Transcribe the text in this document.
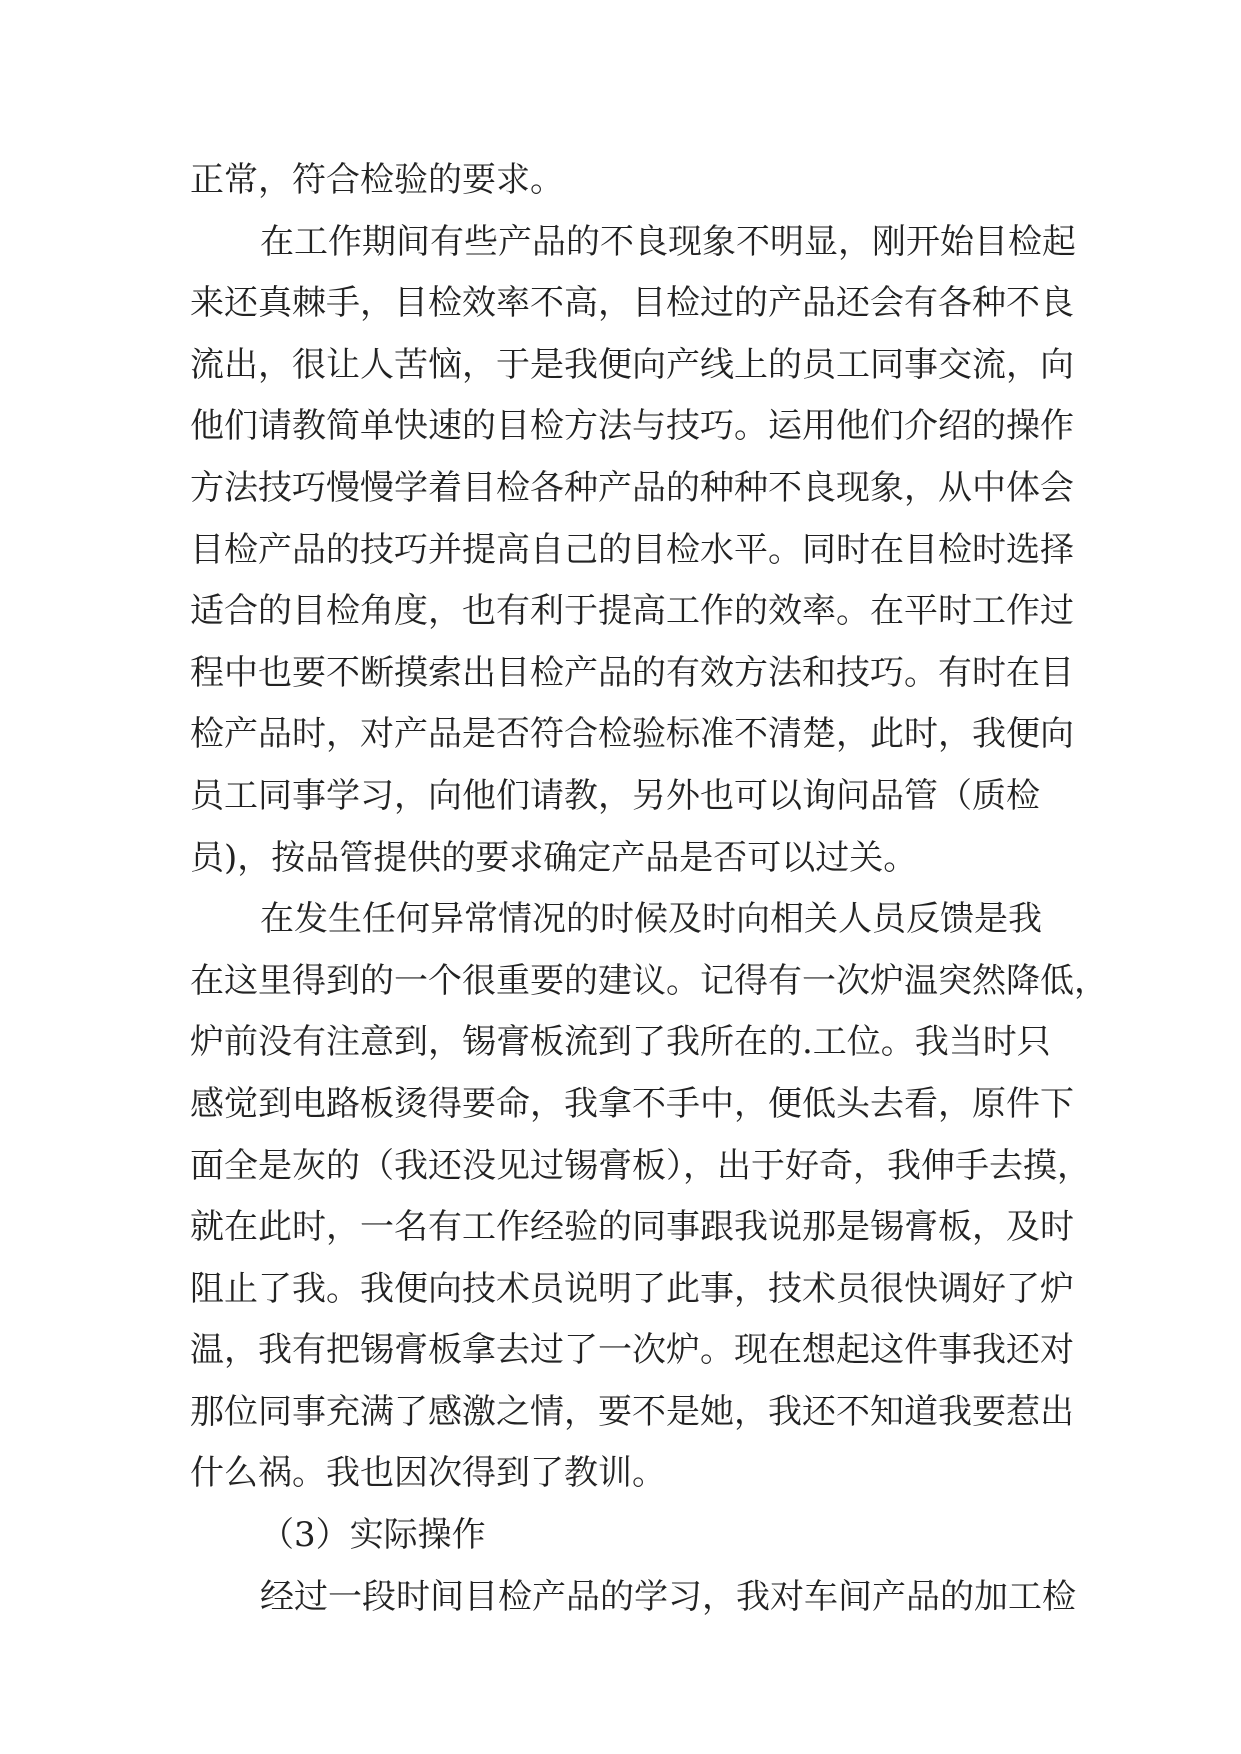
正常，符合检验的要求。
在工作期间有些产品的不良现象不明显，刚开始目检起
来还真棘手，目检效率不高，目检过的产品还会有各种不良
流出，很让人苦恼，于是我便向产线上的员工同事交流，向
他们请教简单快速的目检方法与技巧。运用他们介绍的操作
方法技巧慢慢学着目检各种产品的种种不良现象，从中体会
目检产品的技巧并提高自己的目检水平。同时在目检时选择
适合的目检角度，也有利于提高工作的效率。在平时工作过
程中也要不断摸索出目检产品的有效方法和技巧。有时在目
检产品时，对产品是否符合检验标准不清楚，此时，我便向
员工同事学习，向他们请教，另外也可以询问品管（质检
员)，按品管提供的要求确定产品是否可以过关。
在发生任何异常情况的时候及时向相关人员反馈是我
在这里得到的一个很重要的建议。记得有一次炉温突然降低，
炉前没有注意到，锡膏板流到了我所在的.工位。我当时只
感觉到电路板烫得要命，我拿不手中，便低头去看，原件下
面全是灰的（我还没见过锡膏板），出于好奇，我伸手去摸，
就在此时，一名有工作经验的同事跟我说那是锡膏板，及时
阻止了我。我便向技术员说明了此事，技术员很快调好了炉
温，我有把锡膏板拿去过了一次炉。现在想起这件事我还对
那位同事充满了感激之情，要不是她，我还不知道我要惹出
什么祸。我也因次得到了教训。
（3）实际操作
经过一段时间目检产品的学习，我对车间产品的加工检
